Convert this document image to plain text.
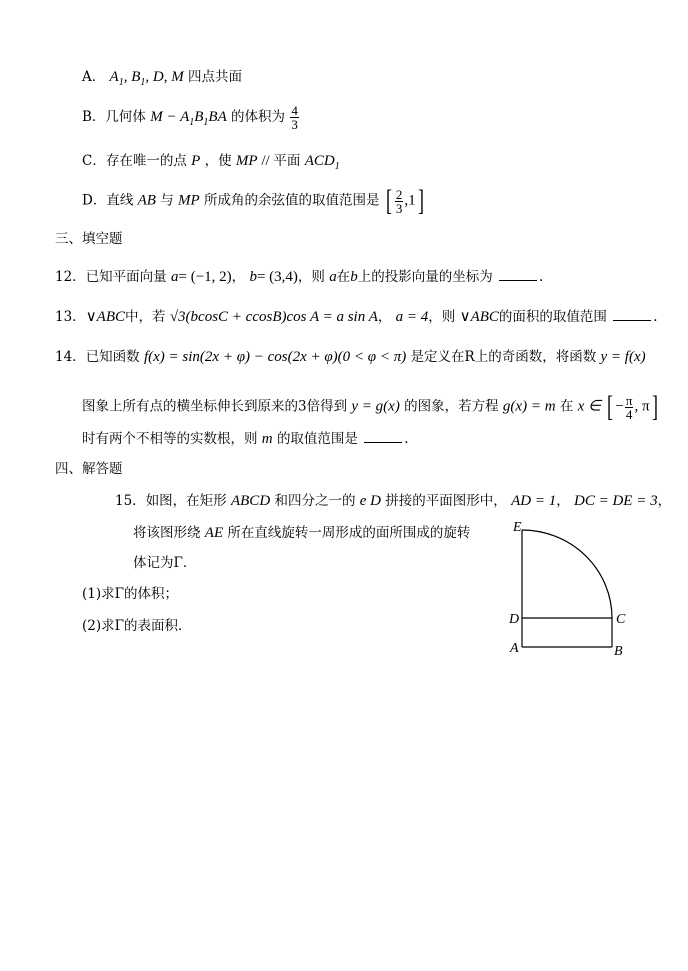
A． $A_1$, $B_1$, D, M 四点共面
B．几何体 $M - A_1B_1BA$ 的体积为 $\frac{4}{3}$
C．存在唯一的点 P ，使 MP // 平面 $ACD_1$
D．直线 AB 与 MP 所成角的余弦值的取值范围是 [ $\frac{2}{3} ,1$]
三、填空题
12．已知平面向量 a= (−1, 2)， b= (3,4)，则 a在b上的投影向量的坐标为	.
13．∨ABC中，若 √3(bcosC + ccosB)cos A = a sin A， a = 4，则 ∨ABC的面积的取值范围	.
14．已知函数 f(x) = sin(2x + φ) − cos(2x + φ)(0 < φ < π) 是定义在R上的奇函数，将函数 y = f(x)
图象上所有点的横坐标伸长到原来的3倍得到 y = g(x) 的图象，若方程 g(x) = m 在 x ∈ [ − $\frac{\pi}{4}$ , π]
时有两个不相等的实数根，则 m 的取值范围是	.
四、解答题
15．如图，在矩形 ABCD 和四分之一的 e D 拼接的平面图形中， AD = 1， DC = DE = 3，
将该图形绕 AE 所在直线旋转一周形成的面所围成的旋转
体记为Γ．
(1)求Γ的体积；
(2)求Γ的表面积．
E
D	C
A	B
